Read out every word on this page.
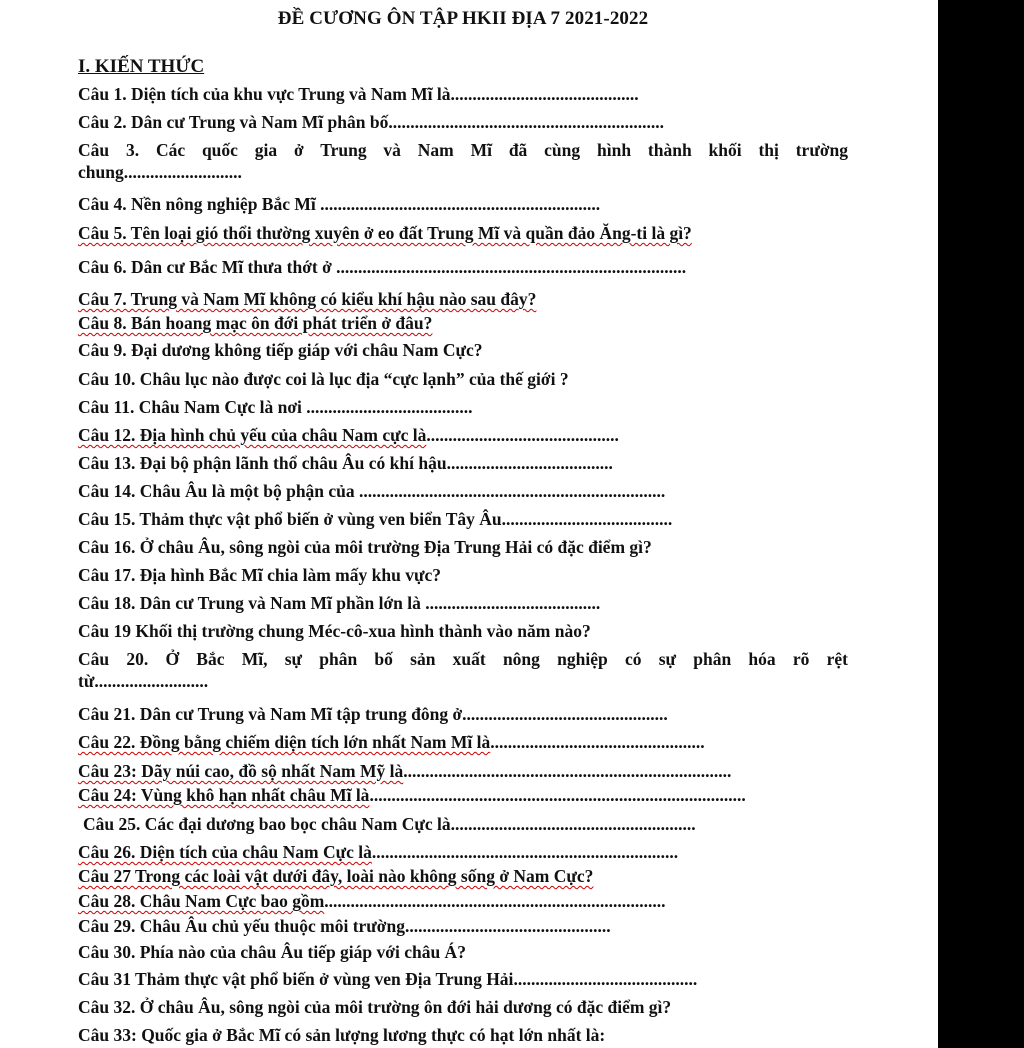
ĐỀ CƯƠNG ÔN TẬP HKII ĐỊA 7 2021-2022
I. KIẾN THỨC
Câu 1. Diện tích của khu vực Trung và Nam Mĩ là...........................................
Câu 2. Dân cư Trung và Nam Mĩ phân bố...............................................................
Câu 3. Các quốc gia ở Trung và Nam Mĩ đã cùng hình thành khối thị trường
chung...........................
Câu 4. Nền nông nghiệp Bắc Mĩ ................................................................
Câu 5. Tên loại gió thổi thường xuyên ở eo đất Trung Mĩ và quần đảo Ăng-ti là gì?
Câu 6. Dân cư Bắc Mĩ thưa thớt ở ................................................................................
Câu 7. Trung và Nam Mĩ không có kiểu khí hậu nào sau đây?
Câu 8. Bán hoang mạc ôn đới phát triển ở đâu?
Câu 9. Đại dương không tiếp giáp với châu Nam Cực?
Câu 10. Châu lục nào được coi là lục địa “cực lạnh” của thế giới ?
Câu 11. Châu Nam Cực là nơi ......................................
Câu 12. Địa hình chủ yếu của châu Nam cực là............................................
Câu 13. Đại bộ phận lãnh thổ châu Âu có khí hậu......................................
Câu 14. Châu Âu là một bộ phận của ......................................................................
Câu 15. Thảm thực vật phổ biến ở vùng ven biển Tây Âu.......................................
Câu 16. Ở châu Âu, sông ngòi của môi trường Địa Trung Hải có đặc điểm gì?
Câu 17. Địa hình Bắc Mĩ chia làm mấy khu vực?
Câu 18. Dân cư Trung và Nam Mĩ phần lớn là ........................................
Câu 19 Khối thị trường chung Méc-cô-xua hình thành vào năm nào?
Câu 20. Ở Bắc Mĩ, sự phân bố sản xuất nông nghiệp có sự phân hóa rõ rệt
từ..........................
Câu 21. Dân cư Trung và Nam Mĩ tập trung đông ở...............................................
Câu 22. Đồng bằng chiếm diện tích lớn nhất Nam Mĩ là.................................................
Câu 23: Dãy núi cao, đồ sộ nhất Nam Mỹ là...........................................................................
Câu 24: Vùng khô hạn nhất châu Mĩ là......................................................................................
Câu 25. Các đại dương bao bọc châu Nam Cực là........................................................
Câu 26. Diện tích của châu Nam Cực là......................................................................
Câu 27 Trong các loài vật dưới đây, loài nào không sống ở Nam Cực?
Câu 28. Châu Nam Cực bao gồm..............................................................................
Câu 29. Châu Âu chủ yếu thuộc môi trường...............................................
Câu 30. Phía nào của châu Âu tiếp giáp với châu Á?
Câu 31 Thảm thực vật phổ biến ở vùng ven Địa Trung Hải..........................................
Câu 32. Ở châu Âu, sông ngòi của môi trường ôn đới hải dương có đặc điểm gì?
Câu 33: Quốc gia ở Bắc Mĩ có sản lượng lương thực có hạt lớn nhất là:
